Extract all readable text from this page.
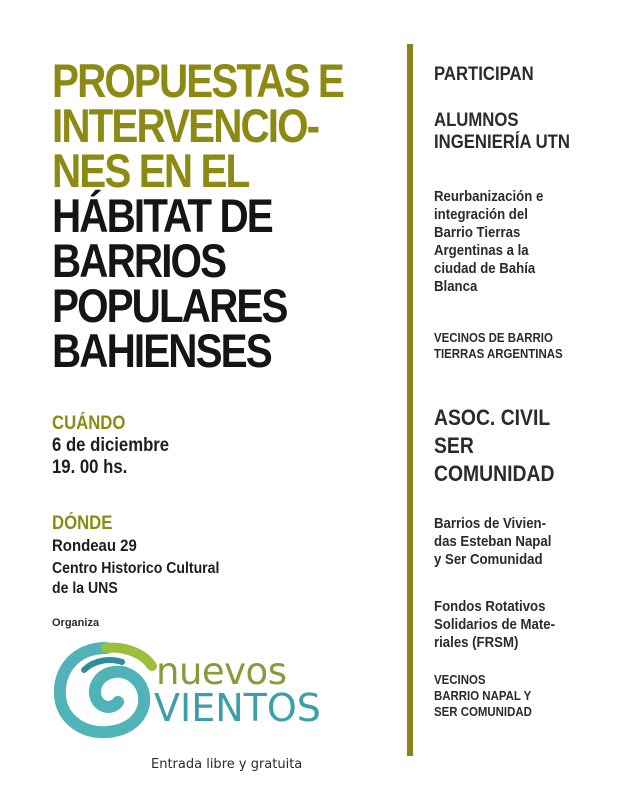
PROPUESTAS E
INTERVENCIO-
NES EN EL
HÁBITAT DE
BARRIOS
POPULARES
BAHIENSES
CUÁNDO
6 de diciembre
19. 00 hs.
DÓNDE
Rondeau 29
Centro Historico Cultural
de la UNS
Organiza
nuevos
VIENTOS
Entrada libre y gratuita
PARTICIPAN
ALUMNOS
INGENIERÍA UTN
Reurbanización e
integración del
Barrio Tierras
Argentinas a la
ciudad de Bahía
Blanca
VECINOS DE BARRIO
TIERRAS ARGENTINAS
ASOC. CIVIL
SER
COMUNIDAD
Barrios de Vivien-
das Esteban Napal
y Ser Comunidad
Fondos Rotativos
Solidarios de Mate-
riales (FRSM)
VECINOS
BARRIO NAPAL Y
SER COMUNIDAD
